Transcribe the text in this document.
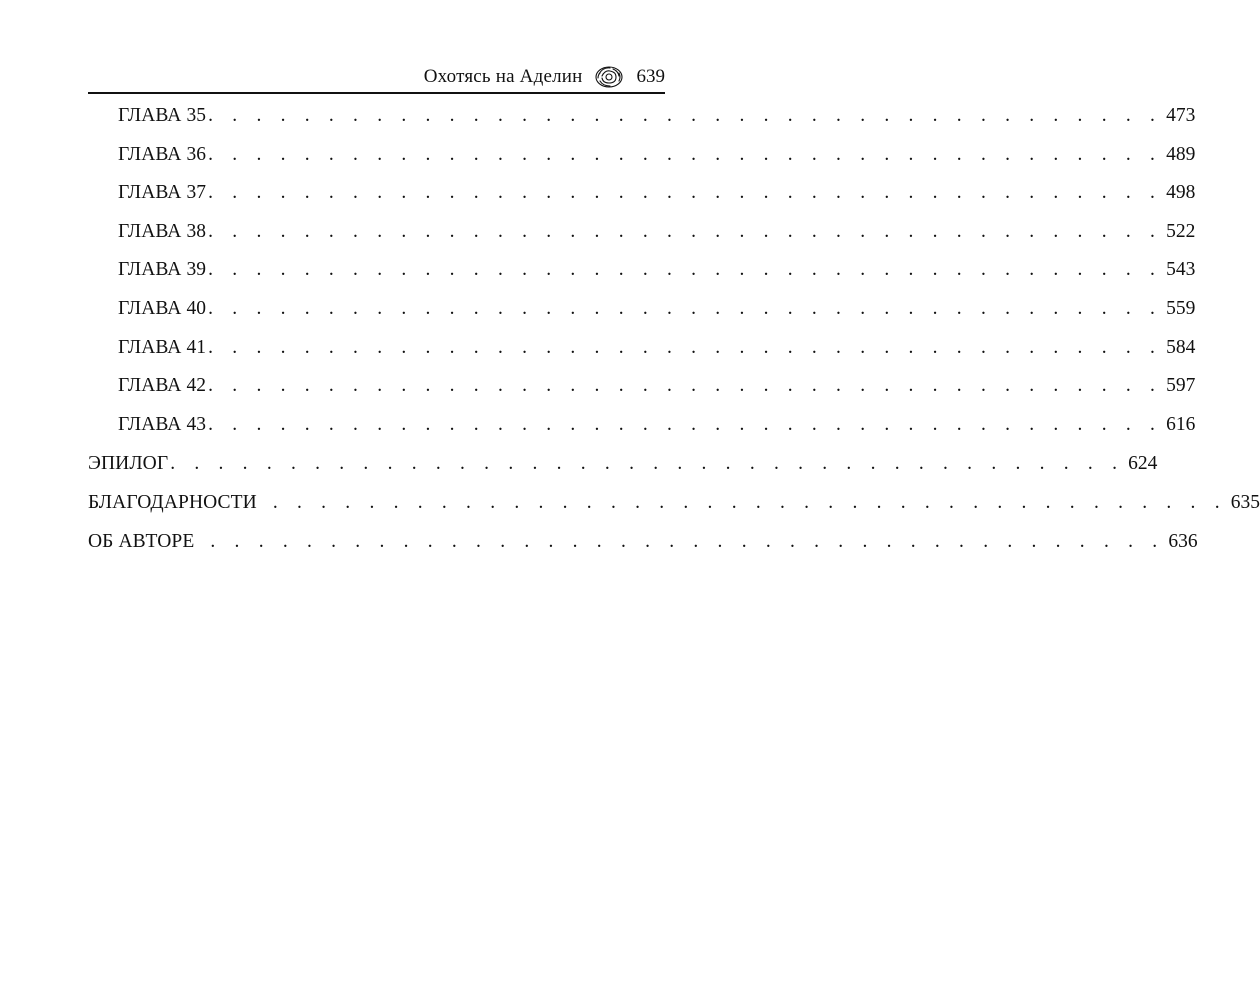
Охотясь на Аделин	639
ГЛАВА 35 . . . . . . . . . . . . . . . . . . . . . . . . . . . . . . . . . . . . . . . . 473
ГЛАВА 36 . . . . . . . . . . . . . . . . . . . . . . . . . . . . . . . . . . . . . . . . 489
ГЛАВА 37 . . . . . . . . . . . . . . . . . . . . . . . . . . . . . . . . . . . . . . . . 498
ГЛАВА 38 . . . . . . . . . . . . . . . . . . . . . . . . . . . . . . . . . . . . . . . . 522
ГЛАВА 39 . . . . . . . . . . . . . . . . . . . . . . . . . . . . . . . . . . . . . . . . 543
ГЛАВА 40 . . . . . . . . . . . . . . . . . . . . . . . . . . . . . . . . . . . . . . . . 559
ГЛАВА 41 . . . . . . . . . . . . . . . . . . . . . . . . . . . . . . . . . . . . . . . . 584
ГЛАВА 42 . . . . . . . . . . . . . . . . . . . . . . . . . . . . . . . . . . . . . . . . 597
ГЛАВА 43 . . . . . . . . . . . . . . . . . . . . . . . . . . . . . . . . . . . . . . . . 616
ЭПИЛОГ . . . . . . . . . . . . . . . . . . . . . . . . . . . . . . . . . . . . . . . . 624
БЛАГОДАРНОСТИ . . . . . . . . . . . . . . . . . . . . . . . . . . . . . . . . . . . . . . . . 635
ОБ АВТОРЕ . . . . . . . . . . . . . . . . . . . . . . . . . . . . . . . . . . . . . . . . 636
